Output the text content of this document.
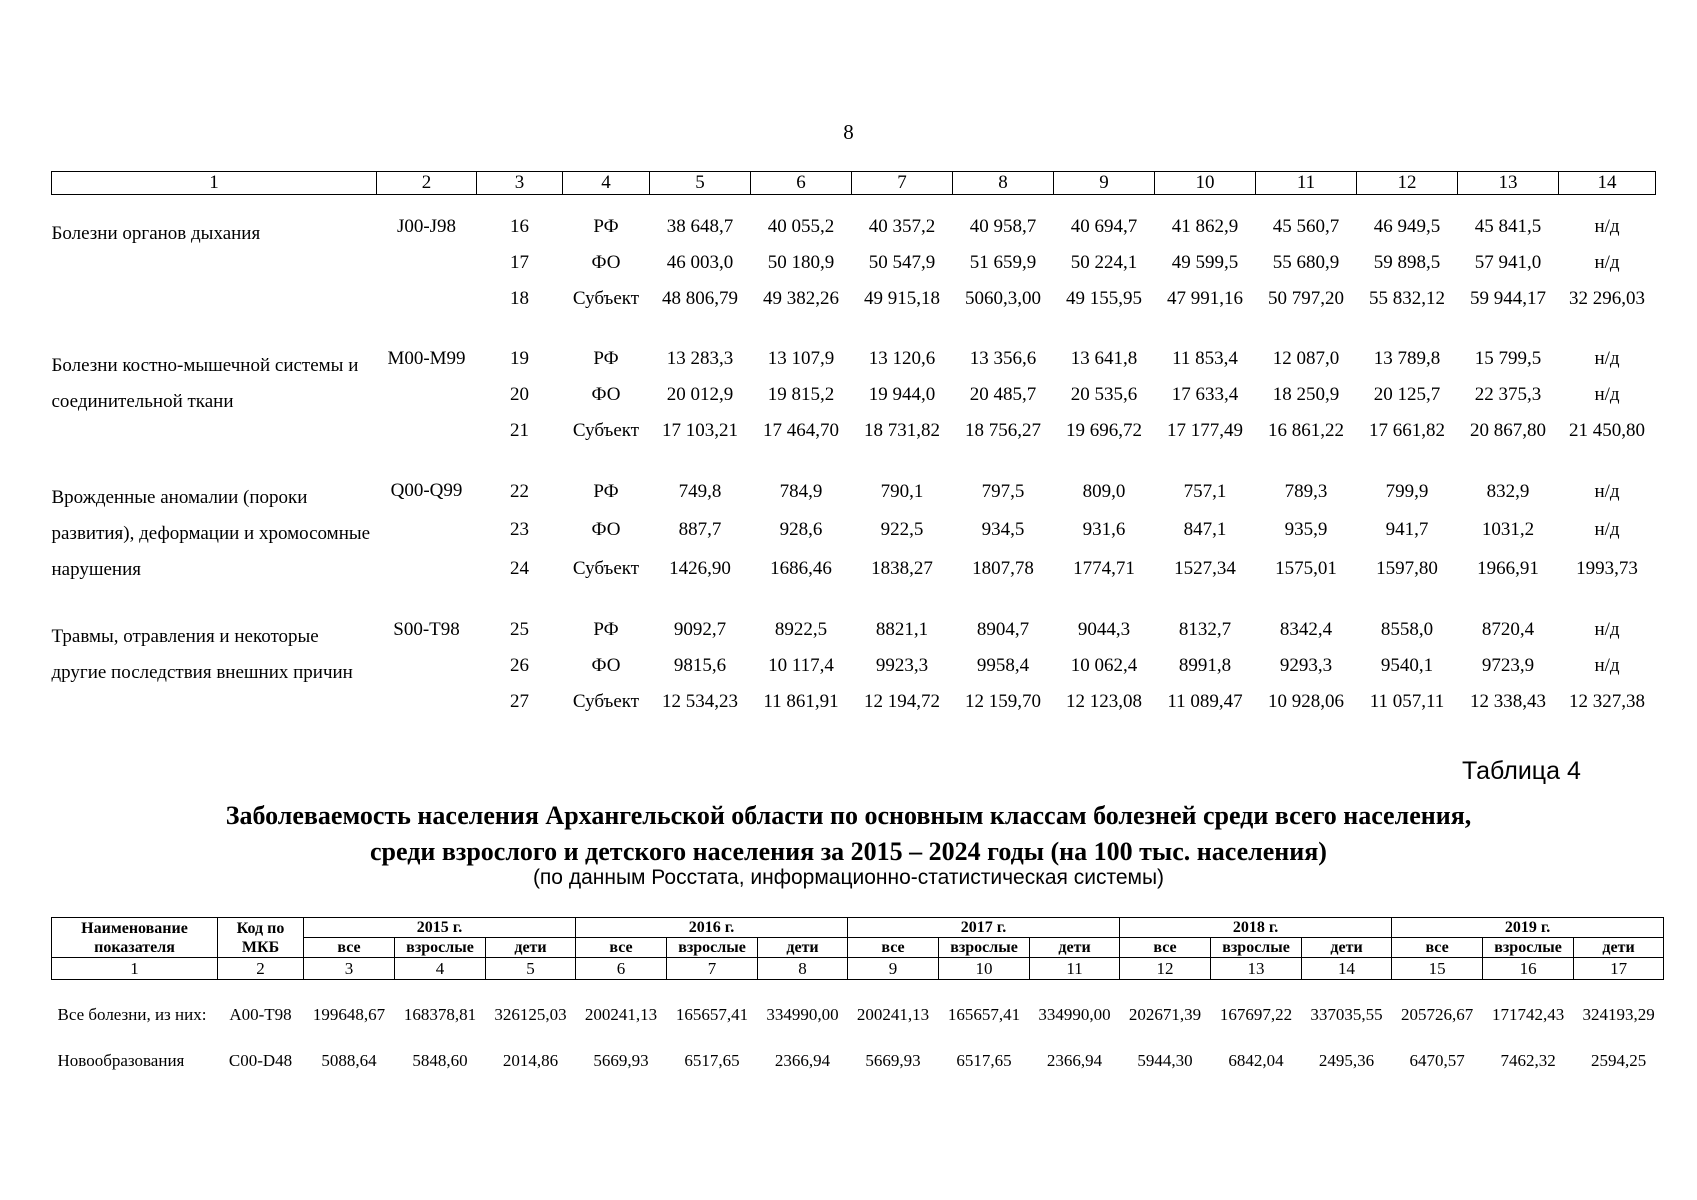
8
1	2	3	4	5	6	7	8	9	10	11	12	13	14

Болезни органов дыхания	J00-J98	16	РФ	38 648,7	40 055,2	40 357,2	40 958,7	40 694,7	41 862,9	45 560,7	46 949,5	45 841,5	н/д
		17	ФО	46 003,0	50 180,9	50 547,9	51 659,9	50 224,1	49 599,5	55 680,9	59 898,5	57 941,0	н/д
		18	Субъект	48 806,79	49 382,26	49 915,18	5060,3,00	49 155,95	47 991,16	50 797,20	55 832,12	59 944,17	32 296,03

Болезни костно-мышечной системы и соединительной ткани	M00-M99	19	РФ	13 283,3	13 107,9	13 120,6	13 356,6	13 641,8	11 853,4	12 087,0	13 789,8	15 799,5	н/д
		20	ФО	20 012,9	19 815,2	19 944,0	20 485,7	20 535,6	17 633,4	18 250,9	20 125,7	22 375,3	н/д
		21	Субъект	17 103,21	17 464,70	18 731,82	18 756,27	19 696,72	17 177,49	16 861,22	17 661,82	20 867,80	21 450,80

Врожденные аномалии (пороки развития), деформации и хромосомные нарушения	Q00-Q99	22	РФ	749,8	784,9	790,1	797,5	809,0	757,1	789,3	799,9	832,9	н/д
		23	ФО	887,7	928,6	922,5	934,5	931,6	847,1	935,9	941,7	1031,2	н/д
		24	Субъект	1426,90	1686,46	1838,27	1807,78	1774,71	1527,34	1575,01	1597,80	1966,91	1993,73

Травмы, отравления и некоторые другие последствия внешних причин	S00-T98	25	РФ	9092,7	8922,5	8821,1	8904,7	9044,3	8132,7	8342,4	8558,0	8720,4	н/д
		26	ФО	9815,6	10 117,4	9923,3	9958,4	10 062,4	8991,8	9293,3	9540,1	9723,9	н/д
		27	Субъект	12 534,23	11 861,91	12 194,72	12 159,70	12 123,08	11 089,47	10 928,06	11 057,11	12 338,43	12 327,38
Таблица 4
Заболеваемость населения Архангельской области по основным классам болезней среди всего населения,
среди взрослого и детского населения за 2015 – 2024 годы (на 100 тыс. населения)
(по данным Росстата, информационно-статистическая системы)
Наименование показателя	Код по МКБ	2015 г.			2016 г.			2017 г.			2018 г.			2019 г.		
		все	взрослые	дети	все	взрослые	дети	все	взрослые	дети	все	взрослые	дети	все	взрослые	дети
1	2	3	4	5	6	7	8	9	10	11	12	13	14	15	16	17

Все болезни, из них:	A00-T98	199648,67	168378,81	326125,03	200241,13	165657,41	334990,00	200241,13	165657,41	334990,00	202671,39	167697,22	337035,55	205726,67	171742,43	324193,29

Новообразования	C00-D48	5088,64	5848,60	2014,86	5669,93	6517,65	2366,94	5669,93	6517,65	2366,94	5944,30	6842,04	2495,36	6470,57	7462,32	2594,25
